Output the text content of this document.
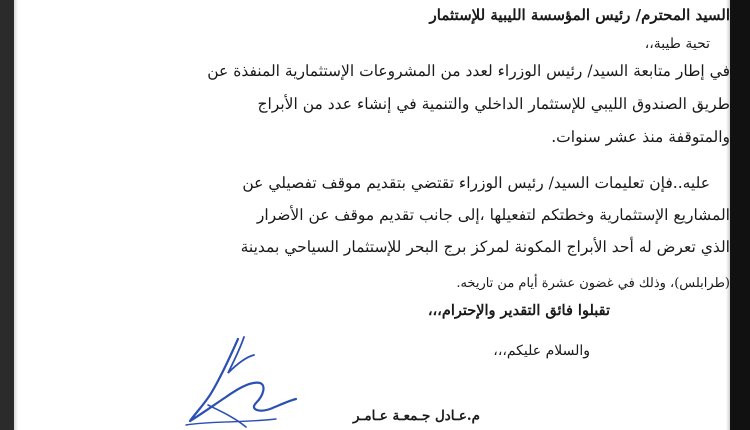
السيد المحترم/ رئيس المؤسسة الليبية للإستثمار
تحية طيبة،،
في إطار متابعة السيد/ رئيس الوزراء لعدد من المشروعات الإستثمارية المنفذة عن
طريق الصندوق الليبي للإستثمار الداخلي والتنمية في إنشاء عدد من الأبراج
والمتوقفة منذ عشر سنوات.
عليه..فإن تعليمات السيد/ رئيس الوزراء تقتضي بتقديم موقف تفصيلي عن
المشاريع الإستثمارية وخطتكم لتفعيلها ،إلى جانب تقديم موقف عن الأضرار
الذي تعرض له أحد الأبراج المكونة لمركز برج البحر للإستثمار السياحي بمدينة
(طرابلس)، وذلك في غضون عشرة أيام من تاريخه.
تقبلوا فائق التقدير والإحترام،،،
والسلام عليكم،،،
م.عـادل جـمعـة عـامـر
